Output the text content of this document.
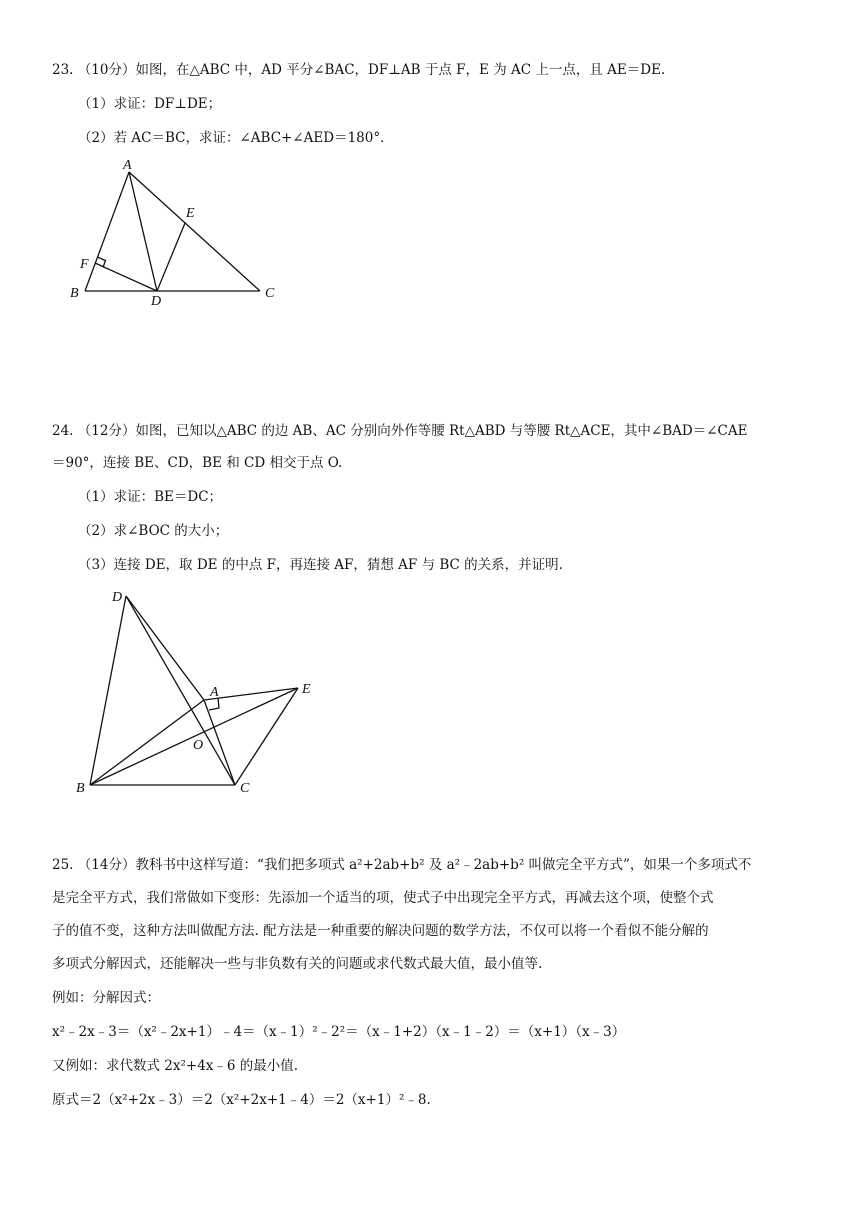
23. （10分）如图，在△ABC 中，AD 平分∠BAC，DF⊥AB 于点 F，E 为 AC 上一点，且 AE＝DE.
（1）求证：DF⊥DE；
（2）若 AC＝BC，求证：∠ABC+∠AED＝180°．
A
E
F
B
D
C
24. （12分）如图，已知以△ABC 的边 AB、AC 分别向外作等腰 Rt△ABD 与等腰 Rt△ACE，其中∠BAD＝∠CAE
＝90°，连接 BE、CD，BE 和 CD 相交于点 O.
（1）求证：BE＝DC；
（2）求∠BOC 的大小；
（3）连接 DE，取 DE 的中点 F，再连接 AF，猜想 AF 与 BC 的关系，并证明.
D
A	E
O
B	C
25. （14分）教科书中这样写道：“我们把多项式 a²+2ab+b² 及 a²﹣2ab+b² 叫做完全平方式”，如果一个多项式不
是完全平方式，我们常做如下变形：先添加一个适当的项，使式子中出现完全平方式，再减去这个项，使整个式
子的值不变，这种方法叫做配方法. 配方法是一种重要的解决问题的数学方法，不仅可以将一个看似不能分解的
多项式分解因式，还能解决一些与非负数有关的问题或求代数式最大值，最小值等.
例如：分解因式：
x²﹣2x﹣3＝（x²﹣2x+1）﹣4＝（x﹣1）²﹣2²＝（x﹣1+2）（x﹣1﹣2）＝（x+1）（x﹣3）
又例如：求代数式 2x²+4x﹣6 的最小值.
原式＝2（x²+2x﹣3）＝2（x²+2x+1﹣4）＝2（x+1）²﹣8.
